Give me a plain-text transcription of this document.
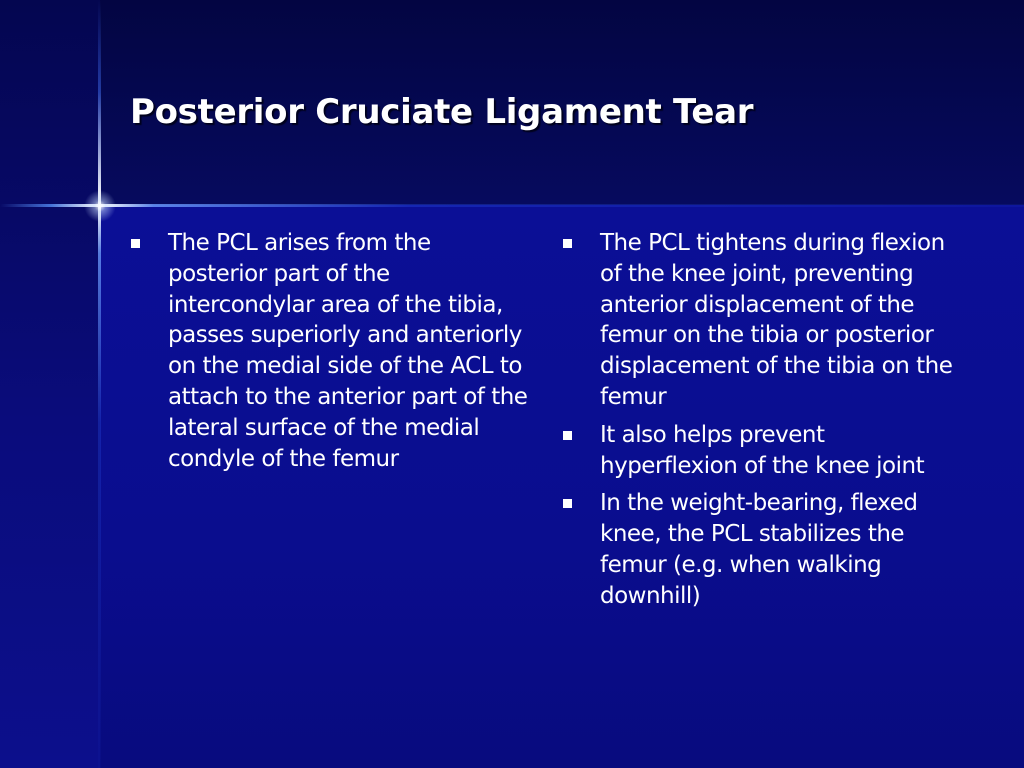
Posterior Cruciate Ligament Tear
The PCL arises from the posterior part of the intercondylar area of the tibia, passes superiorly and anteriorly on the medial side of the ACL to attach to the anterior part of the lateral surface of the medial condyle of the femur
The PCL tightens during flexion of the knee joint, preventing anterior displacement of the femur on the tibia or posterior displacement of the tibia on the femur
It also helps prevent hyperflexion of the knee joint
In the weight-bearing, flexed knee, the PCL stabilizes the femur (e.g. when walking downhill)
